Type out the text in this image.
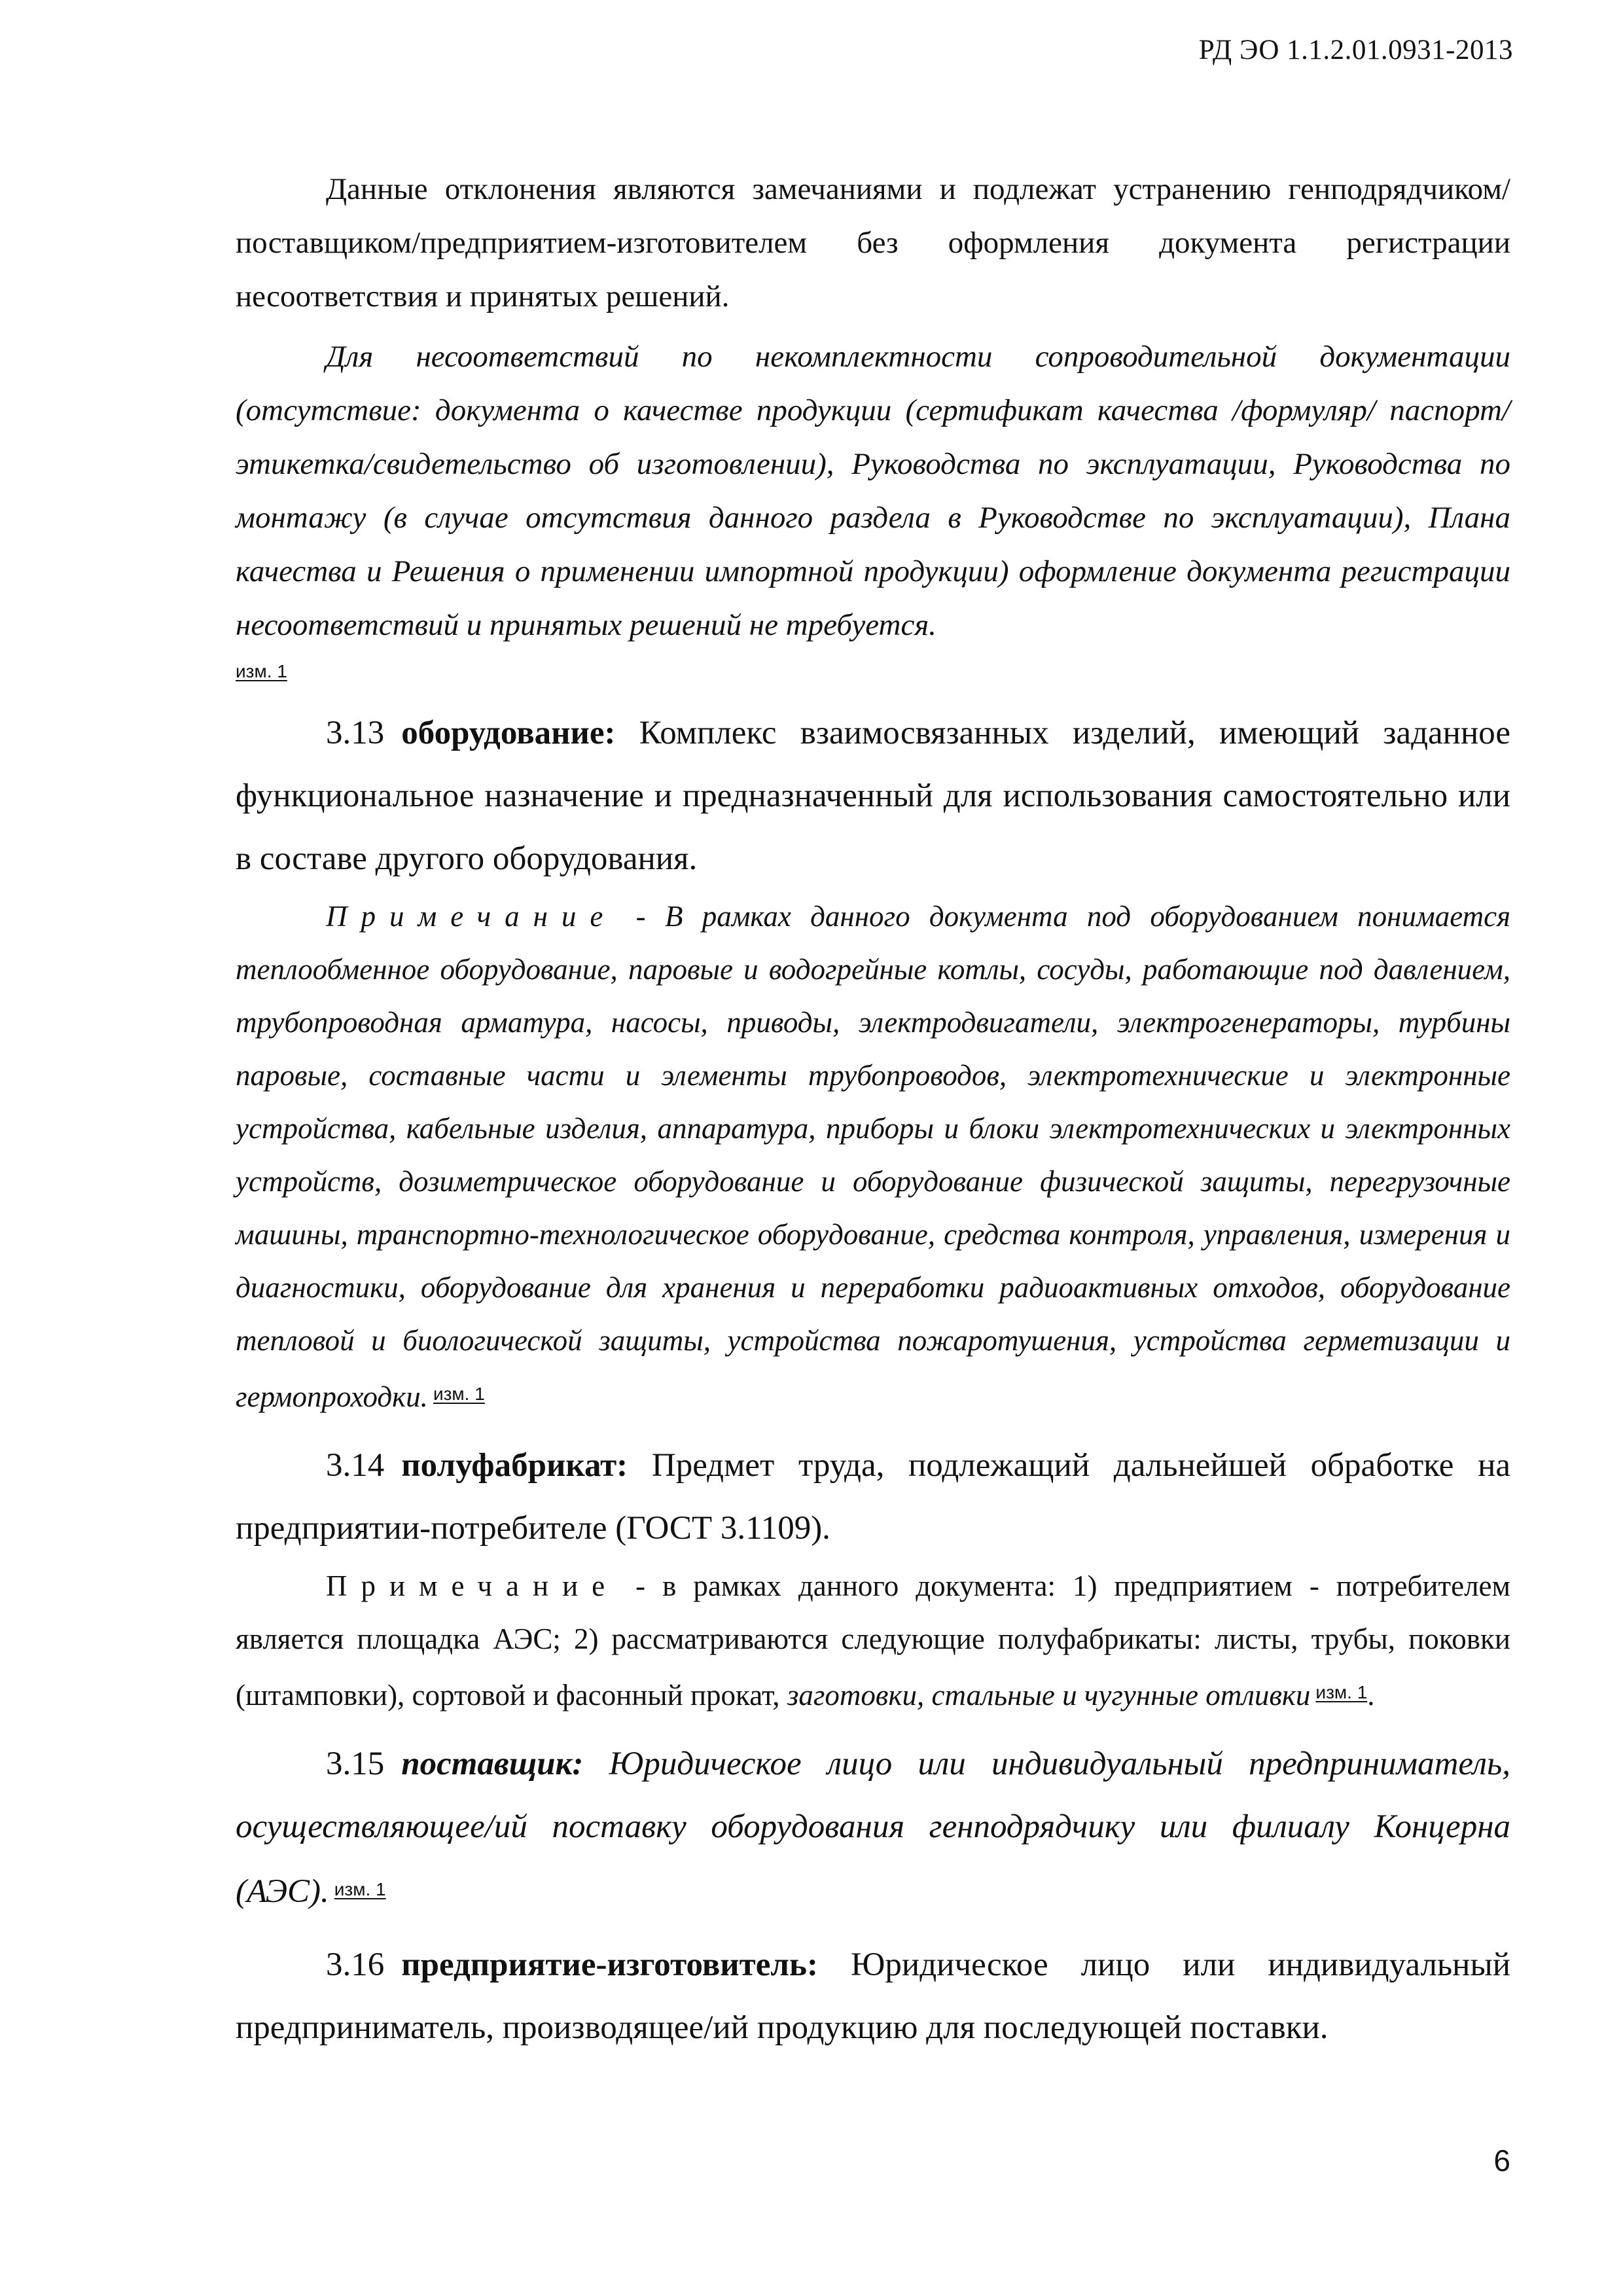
РД ЭО 1.1.2.01.0931-2013

Данные отклонения являются замечаниями и подлежат устранению генподрядчиком/поставщиком/предприятием-изготовителем без оформления документа регистрации несоответствия и принятых решений.

Для несоответствий по некомплектности сопроводительной документации (отсутствие: документа о качестве продукции (сертификат качества /формуляр/ паспорт/этикетка/свидетельство об изготовлении), Руководства по эксплуатации, Руководства по монтажу (в случае отсутствия данного раздела в Руководстве по эксплуатации), Плана качества и Решения о применении импортной продукции) оформление документа регистрации несоответствий и принятых решений не требуется.
изм. 1

3.13 оборудование: Комплекс взаимосвязанных изделий, имеющий заданное функциональное назначение и предназначенный для использования самостоятельно или в составе другого оборудования.

Примечание - В рамках данного документа под оборудованием понимается теплообменное оборудование, паровые и водогрейные котлы, сосуды, работающие под давлением, трубопроводная арматура, насосы, приводы, электродвигатели, электрогенераторы, турбины паровые, составные части и элементы трубопроводов, электротехнические и электронные устройства, кабельные изделия, аппаратура, приборы и блоки электротехнических и электронных устройств, дозиметрическое оборудование и оборудование физической защиты, перегрузочные машины, транспортно-технологическое оборудование, средства контроля, управления, измерения и диагностики, оборудование для хранения и переработки радиоактивных отходов, оборудование тепловой и биологической защиты, устройства пожаротушения, устройства герметизации и гермопроходки. $^{изм. 1}$

3.14 полуфабрикат: Предмет труда, подлежащий дальнейшей обработке на предприятии-потребителе (ГОСТ 3.1109).

Примечание - в рамках данного документа: 1) предприятием - потребителем является площадка АЭС; 2) рассматриваются следующие полуфабрикаты: листы, трубы, поковки (штамповки), сортовой и фасонный прокат, заготовки, стальные и чугунные отливки $^{изм. 1}$.

3.15 поставщик: Юридическое лицо или индивидуальный предприниматель, осуществляющее/ий поставку оборудования генподрядчику или филиалу Концерна (АЭС). изм. 1

3.16 предприятие-изготовитель: Юридическое лицо или индивидуальный предприниматель, производящее/ий продукцию для последующей поставки.

6
